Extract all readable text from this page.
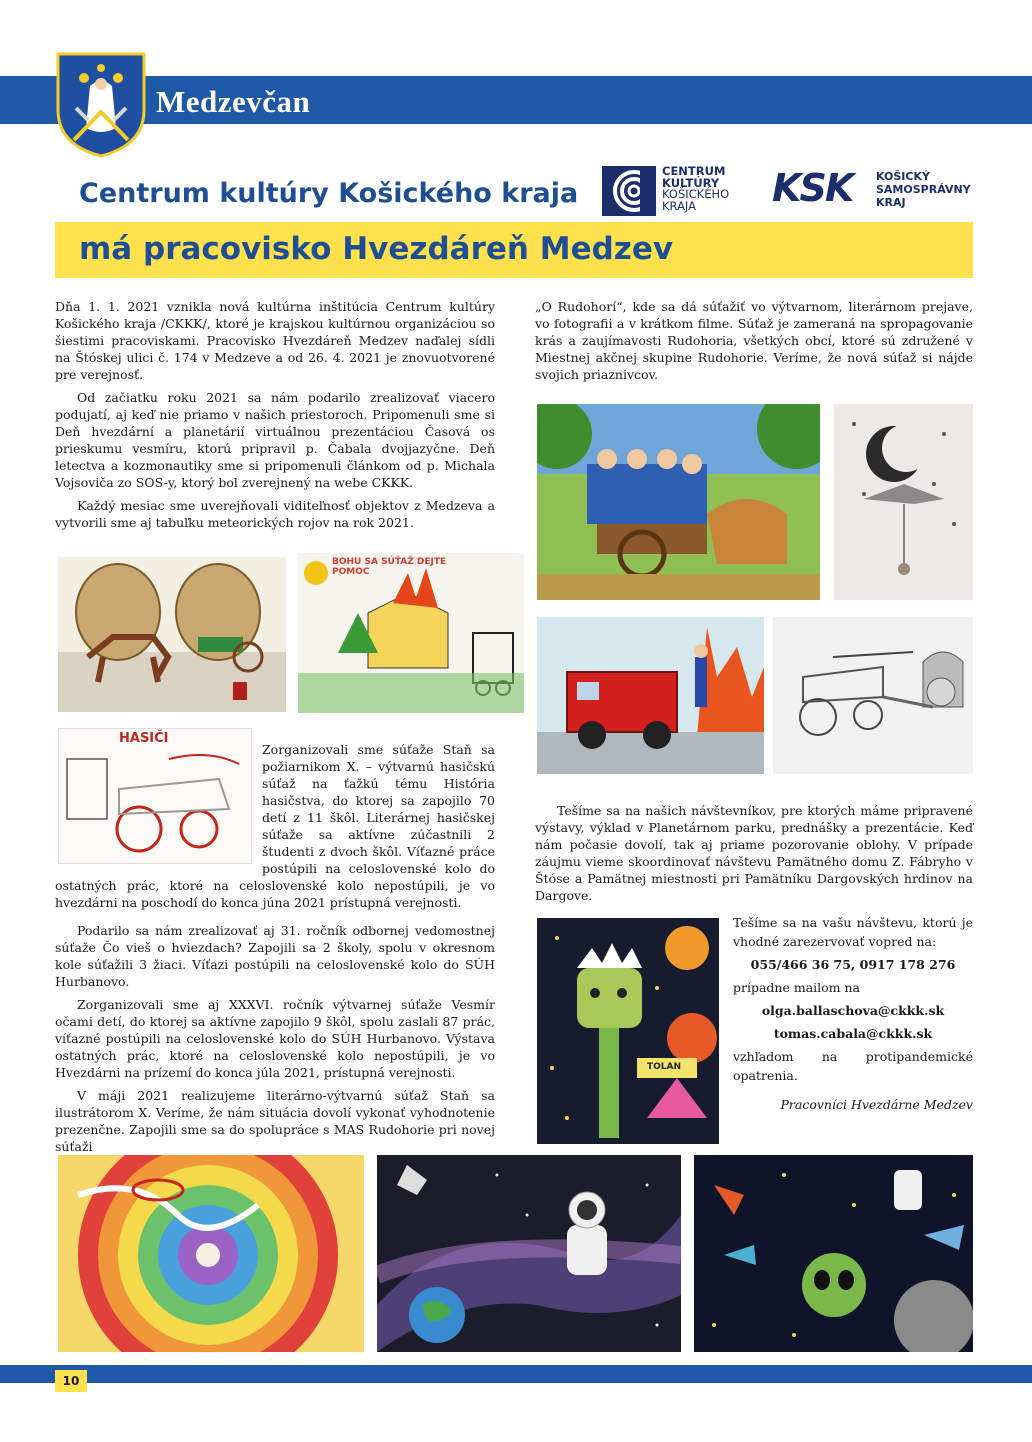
Medzevčan
CENTRUM
KULTÚRY
KOŠICKÉHO
KRAJA	KSK KOŠICKÝ
SAMOSPRÁVNY
KRAJ
Centrum kultúry Košického kraja
má pracovisko Hvezdáreň Medzev

Dňa 1. 1. 2021 vznikla nová kultúrna inštitúcia Centrum kultúry Košického kraja /CKKK/, ktoré je krajskou kultúrnou organizáciou so šiestimi pracoviskami. Pracovisko Hvezdáreň Medzev naďalej sídli na Štóskej ulici č. 174 v Medzeve a od 26. 4. 2021 je znovuotvorené pre verejnosť.

Od začiatku roku 2021 sa nám podarilo zrealizovať viacero podujatí, aj keď nie priamo v našich priestoroch. Pripomenuli sme si Deň hvezdární a planetárií virtuálnou prezentáciou Časová os prieskumu vesmíru, ktorú pripravil p. Čabala dvojjazyčne. Deň letectva a kozmonautiky sme si pripomenuli článkom od p. Michala Vojsoviča zo SOS-y, ktorý bol zverejnený na webe CKKK.

Každý mesiac sme uverejňovali viditeľnosť objektov z Medzeva a vytvorili sme aj tabuľku meteorických rojov na rok 2021.

BOHU SA SÚŤAŽ DEJTE POMOC
HASIČI

Zorganizovali sme súťaže Staň sa požiarnikom X. – výtvarnú hasičskú súťaž na ťažkú tému História hasičstva, do ktorej sa zapojilo 70 detí z 11 škôl. Literárnej hasičskej súťaže sa aktívne zúčastnili 2 študenti z dvoch škôl. Víťazné práce postúpili na celoslovenské kolo do

ostatných prác, ktoré na celoslovenské kolo nepostúpili, je vo hvezdárni na poschodí do konca júna 2021 prístupná verejnosti.

Podarilo sa nám zrealizovať aj 31. ročník odbornej vedomostnej súťaže Čo vieš o hviezdach? Zapojili sa 2 školy, spolu v okresnom kole súťažili 3 žiaci. Víťazi postúpili na celoslovenské kolo do SÚH Hurbanovo.

Zorganizovali sme aj XXXVI. ročník výtvarnej súťaže Vesmír očami detí, do ktorej sa aktívne zapojilo 9 škôl, spolu zaslali 87 prác, víťazné postúpili na celoslovenské kolo do SÚH Hurbanovo. Výstava ostatných prác, ktoré na celoslovenské kolo nepostúpili, je vo Hvezdárni na prízemí do konca júla 2021, prístupná verejnosti.

V máji 2021 realizujeme literárno-výtvarnú súťaž Staň sa ilustrátorom X. Veríme, že nám situácia dovolí vykonať vyhodnotenie prezenčne. Zapojili sme sa do spolupráce s MAS Rudohorie pri novej súťaži

„O Rudohorí“, kde sa dá súťažiť vo výtvarnom, literárnom prejave, vo fotografii a v krátkom filme. Súťaž je zameraná na spropagovanie krás a zaujímavosti Rudohoria, všetkých obcí, ktoré sú združené v Miestnej akčnej skupine Rudohorie. Veríme, že nová súťaž si nájde svojich priaznivcov.

Tešíme sa na našich návštevníkov, pre ktorých máme pripravené výstavy, výklad v Planetárnom parku, prednášky a prezentácie. Keď nám počasie dovolí, tak aj priame pozorovanie oblohy. V prípade záujmu vieme skoordinovať návštevu Pamätného domu Z. Fábryho v Štóse a Pamätnej miestnosti pri Pamätníku Dargovských hrdinov na Dargove.

TOLAN
Tešíme sa na vašu návštevu, ktorú je vhodné zarezervovať vopred na:
055/466 36 75, 0917 178 276
prípadne mailom na
olga.ballaschova@ckkk.sk
tomas.cabala@ckkk.sk
vzhľadom na protipandemické opatrenia.
Pracovníci Hvezdárne Medzev
10
